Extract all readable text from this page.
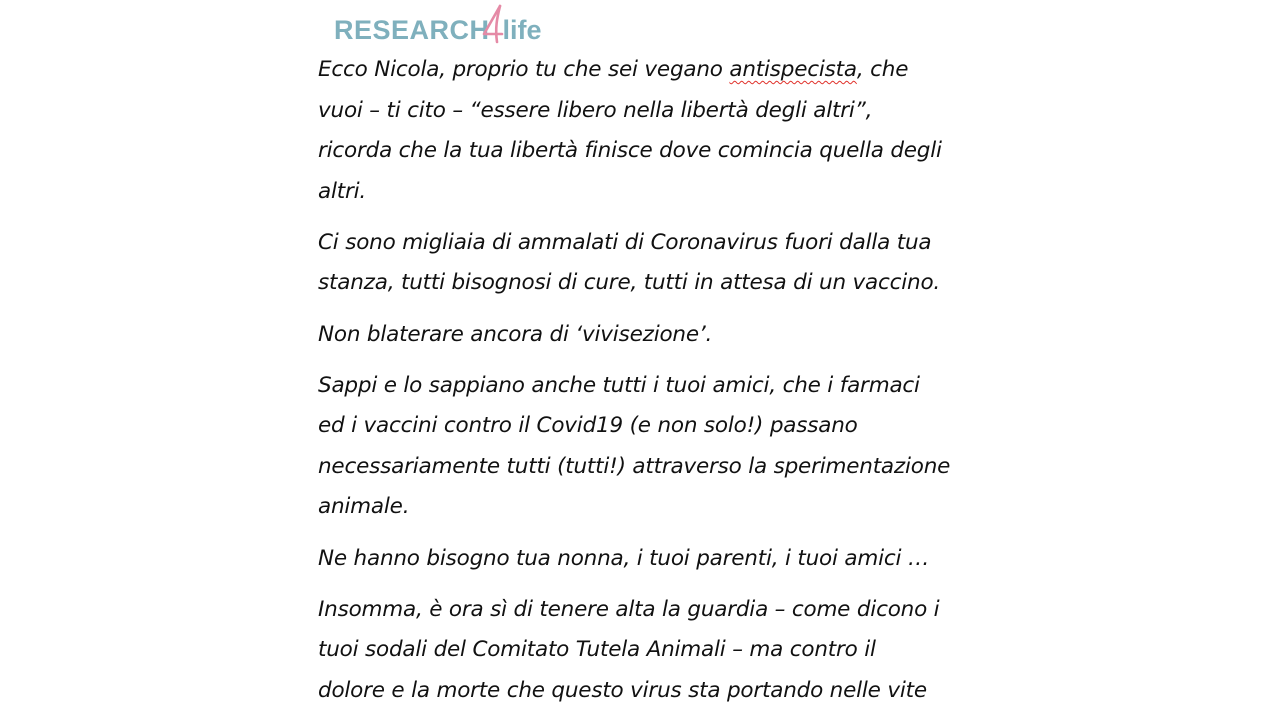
RESEARCH life

Ecco Nicola, proprio tu che sei vegano antispecista, che
vuoi – ti cito – “essere libero nella libertà degli altri”,
ricorda che la tua libertà finisce dove comincia quella degli
altri.

Ci sono migliaia di ammalati di Coronavirus fuori dalla tua
stanza, tutti bisognosi di cure, tutti in attesa di un vaccino.

Non blaterare ancora di ‘vivisezione’.

Sappi e lo sappiano anche tutti i tuoi amici, che i farmaci
ed i vaccini contro il Covid19 (e non solo!) passano
necessariamente tutti (tutti!) attraverso la sperimentazione
animale.

Ne hanno bisogno tua nonna, i tuoi parenti, i tuoi amici …

Insomma, è ora sì di tenere alta la guardia – come dicono i
tuoi sodali del Comitato Tutela Animali – ma contro il
dolore e la morte che questo virus sta portando nelle vite
